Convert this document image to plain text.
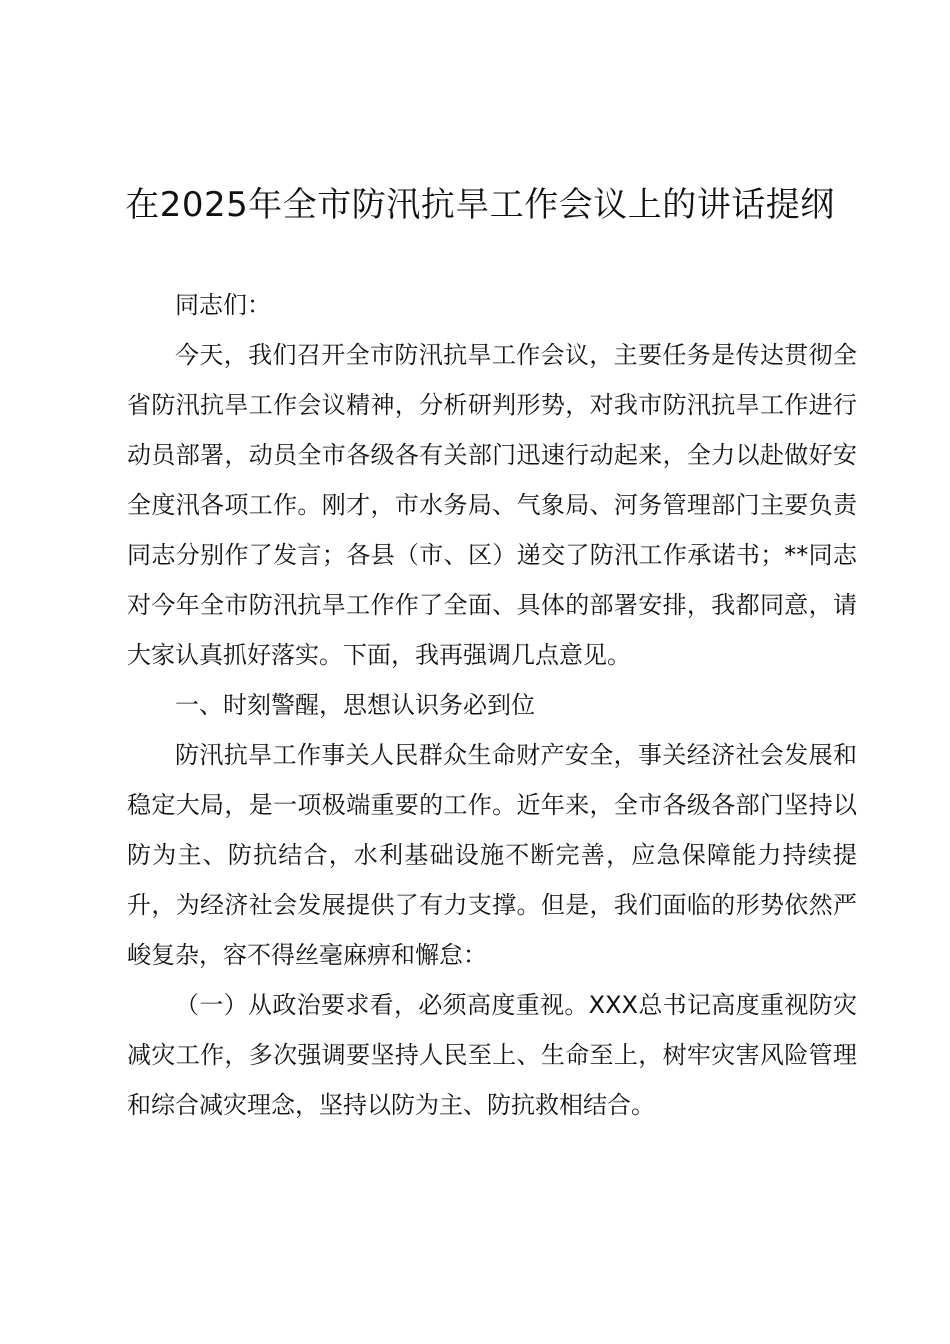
在2025年全市防汛抗旱工作会议上的讲话提纲

同志们：

今天，我们召开全市防汛抗旱工作会议，主要任务是传达贯彻全省防汛抗旱工作会议精神，分析研判形势，对我市防汛抗旱工作进行动员部署，动员全市各级各有关部门迅速行动起来，全力以赴做好安全度汛各项工作。刚才，市水务局、气象局、河务管理部门主要负责同志分别作了发言；各县（市、区）递交了防汛工作承诺书；**同志对今年全市防汛抗旱工作作了全面、具体的部署安排，我都同意，请大家认真抓好落实。下面，我再强调几点意见。

一、时刻警醒，思想认识务必到位

防汛抗旱工作事关人民群众生命财产安全，事关经济社会发展和稳定大局，是一项极端重要的工作。近年来，全市各级各部门坚持以防为主、防抗结合，水利基础设施不断完善，应急保障能力持续提升，为经济社会发展提供了有力支撑。但是，我们面临的形势依然严峻复杂，容不得丝毫麻痹和懈怠：

（一）从政治要求看，必须高度重视。XXX总书记高度重视防灾减灾工作，多次强调要坚持人民至上、生命至上，树牢灾害风险管理和综合减灾理念，坚持以防为主、防抗救相结合。
